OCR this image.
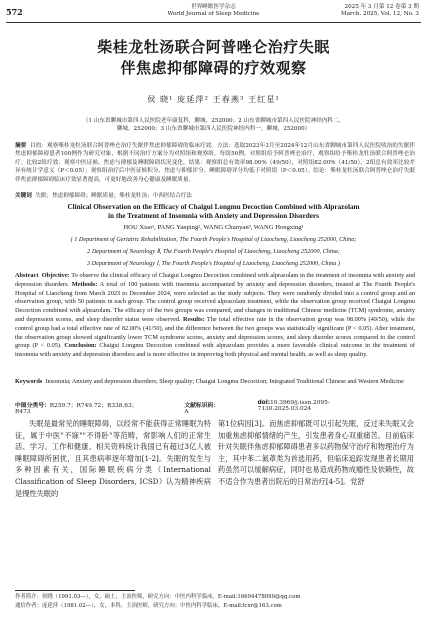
572	世界睡眠医学杂志
World Journal of Sleep Medicine
2025 年 3 月第 12 卷第 3 期
March. 2025, Vol. 12, No. 3
柴桂龙牡汤联合阿普唑仑治疗失眠
伴焦虑抑郁障碍的疗效观察
侯 晓¹ 庞延萍² 王春燕³ 王红星¹
（1 山东省聊城市第四人民医院老年康复科，聊城，252000；2 山东省聊城市第四人民医院神经内科二，
聊城，252000；3 山东省聊城市第四人民医院神经内科一，聊城，252000）
摘要 目的：观察柴桂龙牡汤联合阿普唑仑治疗失眠伴焦虑抑郁障碍的临床疗效。方法：选取2023年3月至2024年12月山东省聊城市第四人民医院收治的失眠伴焦虑抑郁障碍患者100例作为研究对象，根据不同治疗方案分为对照组和观察组，每组50例。对照组给予阿普唑仑治疗，观察组给予柴桂龙牡汤联合阿普唑仑治疗。比较2组疗效，观察中医证候、焦虑与抑郁及睡眠障碍状况变化。结果：观察组总有效率98.00%（49/50），对照组82.00%（41/50），2组总有效率比较差异有统计学意义（P＜0.05）；观察组治疗后中医证候积分、焦虑与抑郁评分、睡眠障碍评分均低于对照组（P＜0.05）。结论：柴桂龙牡汤联合阿普唑仑治疗失眠伴焦虑抑郁障碍临床疗效显著提高，可更好地改善身心健康及睡眠质量。
关键词 失眠；焦虑抑郁障碍；睡眠质量；柴桂龙牡汤；中西医结合疗法
Clinical Observation on the Efficacy of Chaigui Longmu Decoction Combined with Alprazolam
in the Treatment of Insomnia with Anxiety and Depression Disorders
HOU Xiao¹, PANG Yanping², WANG Chunyan³, WANG Hongxing¹
( 1 Department of Geriatric Rehabilitation, The Fourth People's Hospital of Liaocheng, Liaocheng 252000, China;
2 Department of Neurology Ⅱ, The Fourth People's Hospital of Liaocheng, Liaocheng 252000, China;
3 Department of Neurology Ⅰ, The Fourth People's Hospital of Liaocheng, Liaocheng 252000, China )
Abstract Objective: To observe the clinical efficacy of Chaigui Longmu Decoction combined with alprazolam in the treatment of insomnia with anxiety and depression disorders. Methods: A total of 100 patients with insomnia accompanied by anxiety and depression disorders, treated at The Fourth People's Hospital of Liaocheng from March 2023 to December 2024, were selected as the study subjects. They were randomly divided into a control group and an observation group, with 50 patients in each group. The control group received alprazolam treatment, while the observation group received Chaigui Longmu Decoction combined with alprazolam. The efficacy of the two groups was compared, and changes in traditional Chinese medicine (TCM) syndrome, anxiety and depression scores, and sleep disorder status were observed. Results: The total effective rate in the observation group was 98.00% (49/50), while the control group had a total effective rate of 82.00% (41/50), and the difference between the two groups was statistically significant (P < 0.05). After treatment, the observation group showed significantly lower TCM syndrome scores, anxiety and depression scores, and sleep disorder scores compared to the control group (P < 0.05). Conclusion: Chaigui Longmu Decoction combined with alprazolam provides a more favorable clinical outcome in the treatment of insomnia with anxiety and depression disorders and is more effective in improving both physical and mental health, as well as sleep quality.
Keywords Insomnia; Anxiety and depression disorders; Sleep quality; Chaigui Longmu Decoction; Integrated Traditional Chinese and Western Medicine
中图分类号：R259.7；R749.72；R338.63；R473
文献标识码：A
doi:10.3969/j.issn.2095-7130.2025.03.024
失眠是最常见的睡眠障碍，以经常不能获得正常睡眠为特征，属于中医"不寐""不得卧"等范畴，常影响人们的正常生活、学习、工作和健康。相关资料统计我国已有超过3亿人被睡眠障碍所困扰，且其患病率逐年增加[1-2]。失眠的发生与多种因素有关，国际睡眠疾病分类（International Classification of Sleep Disorders, ICSD）认为精神疾病是慢性失眠的
第1位病因[3]。而焦虑抑郁既可以引起失眠，反过来失眠又会加重焦虑抑郁情绪的产生，引发患者身心双重痛苦。目前临床针对失眠伴焦虑抑郁障碍患者多以药物保守治疗和物理治疗为主，其中苯二氮䓬类为首选用药，但临床追踪发现患者长期用药虽然可以缓解病症，同时也易造成药物成瘾性及依赖性，故不适合作为患者出院后的日常治疗[4-5]。党舒
作者简介：侯晓（1991.03—），女，硕士，主治医师，研究方向：中医内科学临床，E-mail:16694478090@qq.com
通信作者：庞延萍（1981.02—），女，本科，主治医师，研究方向：中医内科学临床，E-mail:lcxr@163.com
